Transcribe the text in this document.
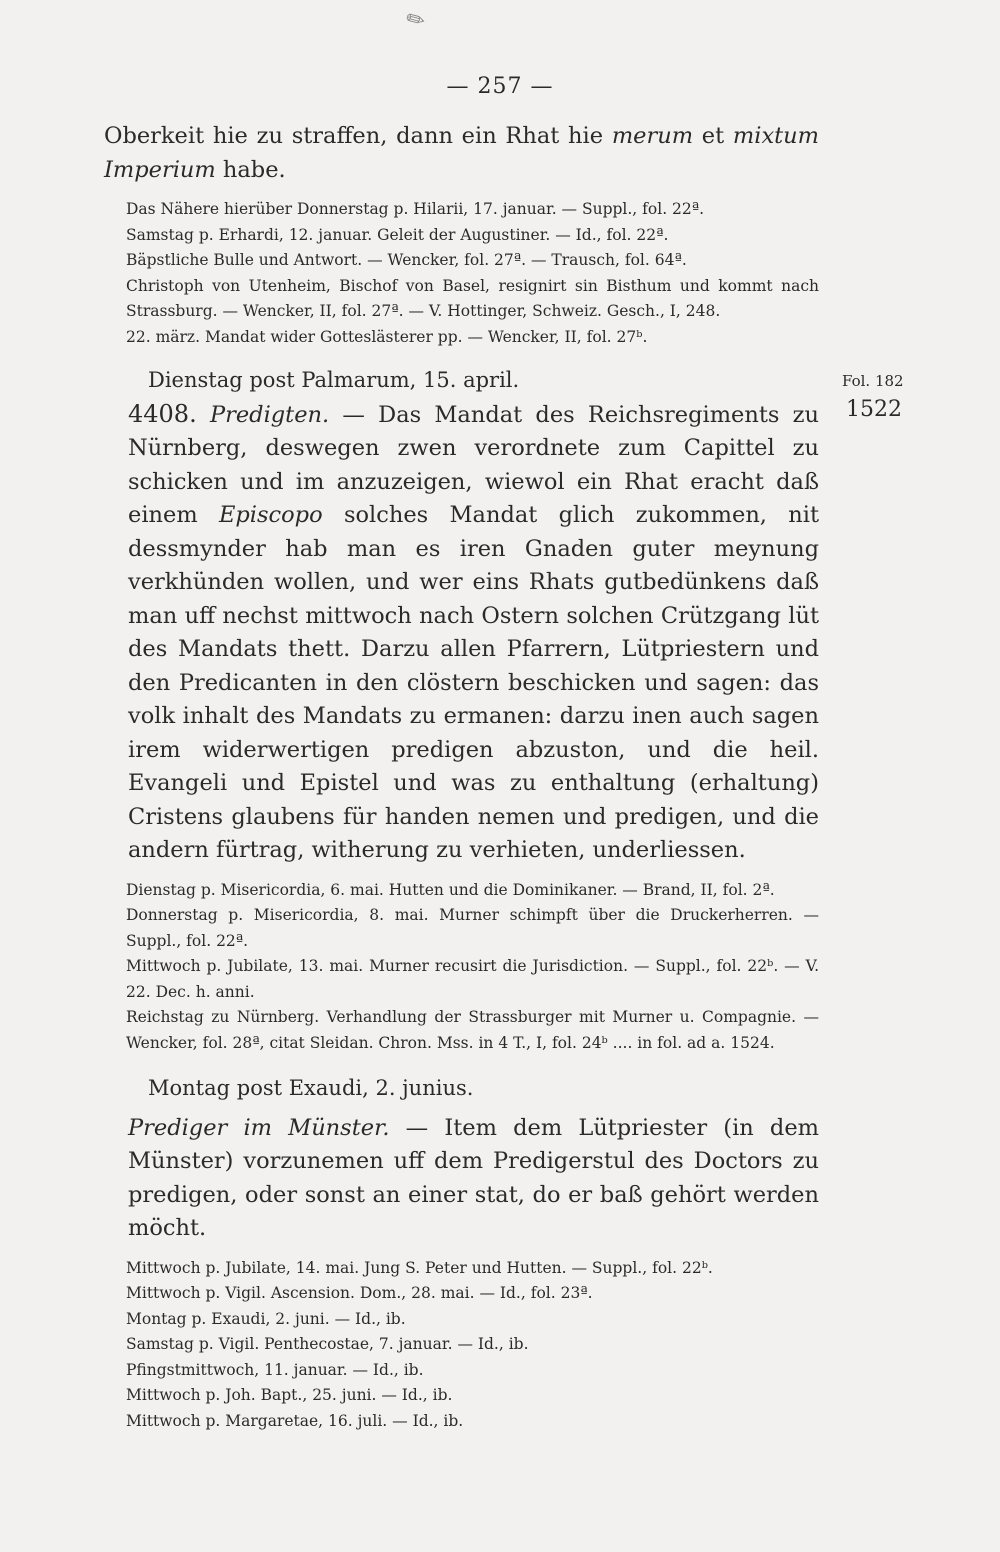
✎
— 257 —
Fol. 182
1522

Oberkeit hie zu straffen, dann ein Rhat hie merum et mixtum Imperium habe.

Das Nähere hierüber Donnerstag p. Hilarii, 17. januar. — Suppl., fol. 22ª.
Samstag p. Erhardi, 12. januar. Geleit der Augustiner. — Id., fol. 22ª.
Bäpstliche Bulle und Antwort. — Wencker, fol. 27ª. — Trausch, fol. 64ª.
Christoph von Utenheim, Bischof von Basel, resignirt sin Bisthum und kommt nach Strassburg. — Wencker, II, fol. 27ª. — V. Hottinger, Schweiz. Gesch., I, 248.
22. märz. Mandat wider Gotteslästerer pp. — Wencker, II, fol. 27ᵇ.
Dienstag post Palmarum, 15. april.

4408. Predigten. — Das Mandat des Reichsregiments zu Nürnberg, deswegen zwen verordnete zum Capittel zu schicken und im anzuzeigen, wiewol ein Rhat eracht daß einem Episcopo solches Mandat glich zukommen, nit dessmynder hab man es iren Gnaden guter meynung verkhünden wollen, und wer eins Rhats gutbedünkens daß man uff nechst mittwoch nach Ostern solchen Crützgang lüt des Mandats thett. Darzu allen Pfarrern, Lütpriestern und den Predicanten in den clöstern beschicken und sagen: das volk inhalt des Mandats zu ermanen: darzu inen auch sagen irem widerwertigen predigen abzuston, und die heil. Evangeli und Epistel und was zu enthaltung (erhaltung) Cristens glaubens für handen nemen und predigen, und die andern fürtrag, witherung zu verhieten, underliessen.

Dienstag p. Misericordia, 6. mai. Hutten und die Dominikaner. — Brand, II, fol. 2ª.
Donnerstag p. Misericordia, 8. mai. Murner schimpft über die Druckerherren. — Suppl., fol. 22ª.
Mittwoch p. Jubilate, 13. mai. Murner recusirt die Jurisdiction. — Suppl., fol. 22ᵇ. — V. 22. Dec. h. anni.
Reichstag zu Nürnberg. Verhandlung der Strassburger mit Murner u. Compagnie. — Wencker, fol. 28ª, citat Sleidan. Chron. Mss. in 4 T., I, fol. 24ᵇ .... in fol. ad a. 1524.
Montag post Exaudi, 2. junius.

Prediger im Münster. — Item dem Lütpriester (in dem Münster) vorzunemen uff dem Predigerstul des Doctors zu predigen, oder sonst an einer stat, do er baß gehört werden möcht.

Mittwoch p. Jubilate, 14. mai. Jung S. Peter und Hutten. — Suppl., fol. 22ᵇ.
Mittwoch p. Vigil. Ascension. Dom., 28. mai. — Id., fol. 23ª.
Montag p. Exaudi, 2. juni. — Id., ib.
Samstag p. Vigil. Penthecostae, 7. januar. — Id., ib.
Pfingstmittwoch, 11. januar. — Id., ib.
Mittwoch p. Joh. Bapt., 25. juni. — Id., ib.
Mittwoch p. Margaretae, 16. juli. — Id., ib.
